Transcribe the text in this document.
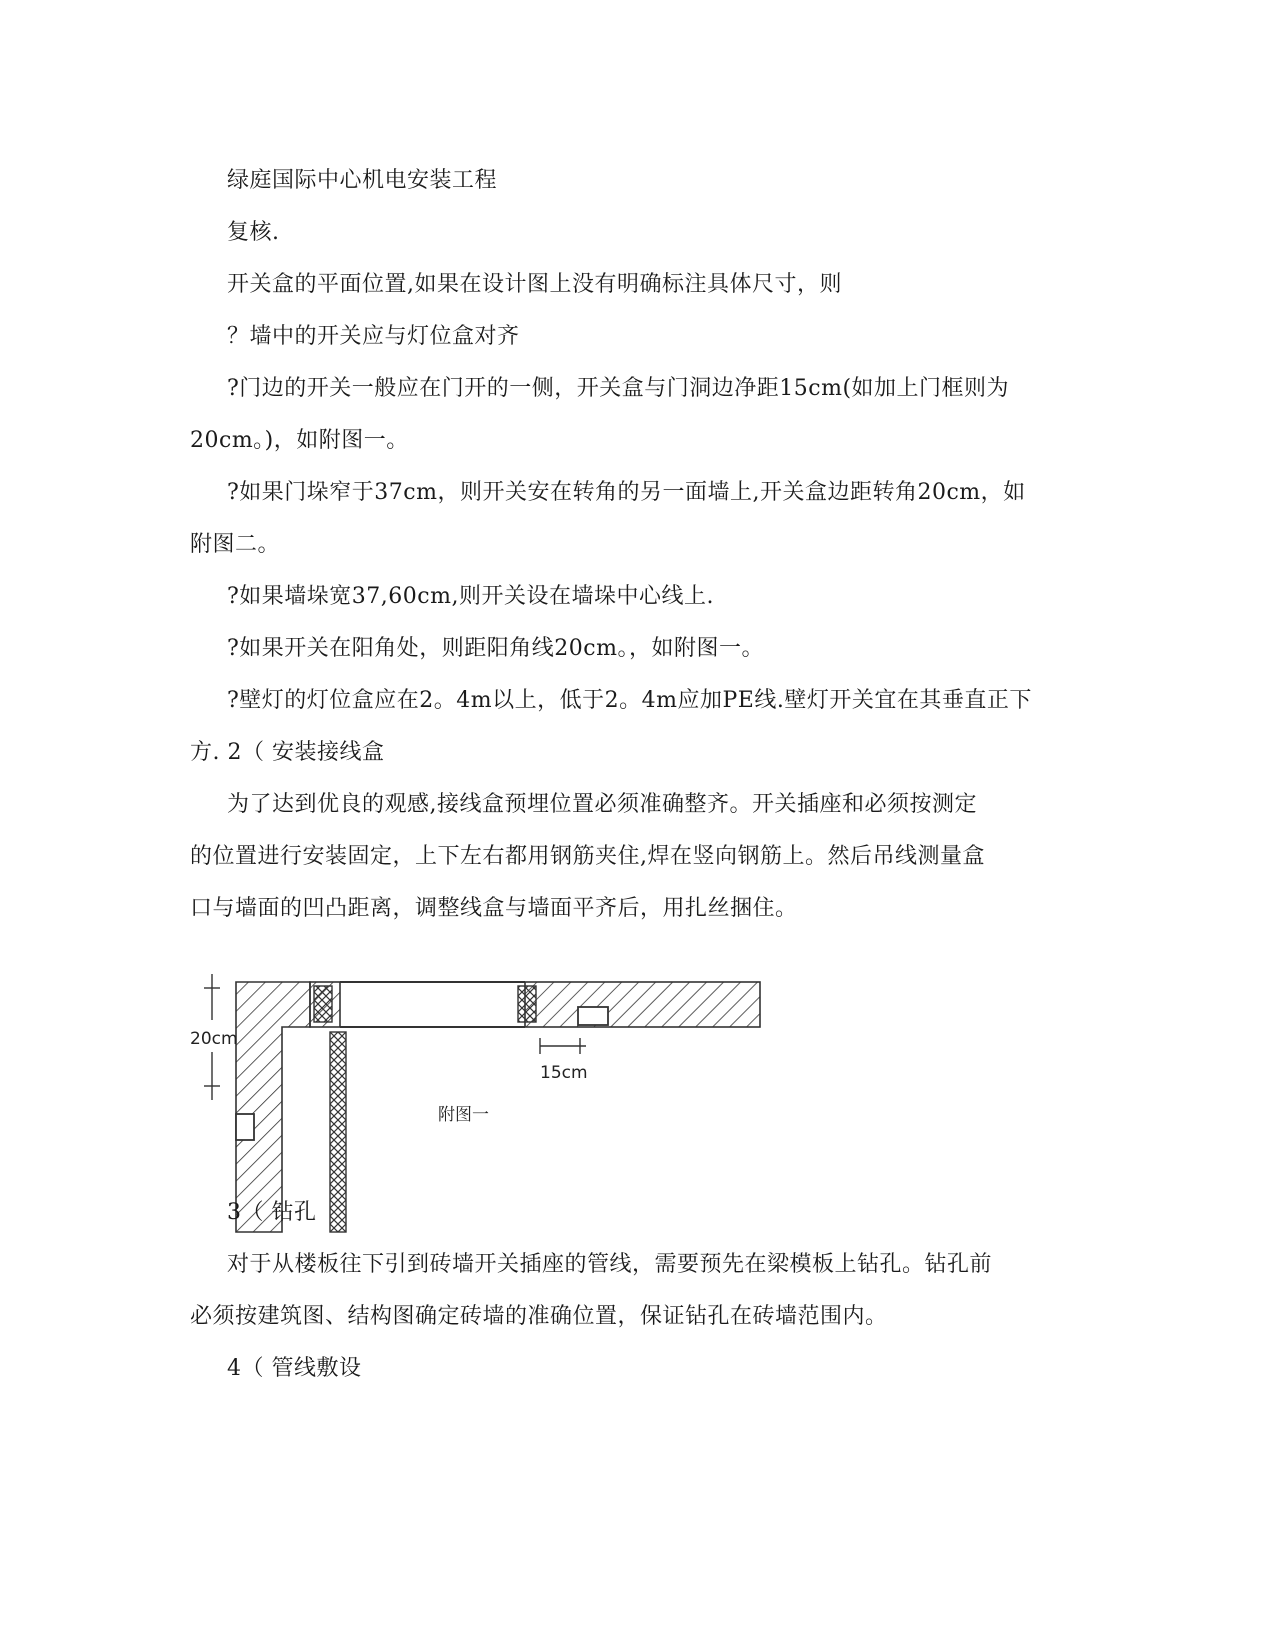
绿庭国际中心机电安装工程
复核.
开关盒的平面位置,如果在设计图上没有明确标注具体尺寸，则
？墙中的开关应与灯位盒对齐
?门边的开关一般应在门开的一侧，开关盒与门洞边净距15cm(如加上门框则为
20cm。)，如附图一。
?如果门垛窄于37cm，则开关安在转角的另一面墙上,开关盒边距转角20cm，如
附图二。
?如果墙垛宽37,60cm,则开关设在墙垛中心线上.
?如果开关在阳角处，则距阳角线20cm。，如附图一。
?壁灯的灯位盒应在2。4m以上，低于2。4m应加PE线.壁灯开关宜在其垂直正下
方. 2（ 安装接线盒
为了达到优良的观感,接线盒预埋位置必须准确整齐。开关插座和必须按测定
的位置进行安装固定，上下左右都用钢筋夹住,焊在竖向钢筋上。然后吊线测量盒
口与墙面的凹凸距离，调整线盒与墙面平齐后，用扎丝捆住。
20cm
15cm
附图一
3（ 钻孔
对于从楼板往下引到砖墙开关插座的管线，需要预先在梁模板上钻孔。钻孔前
必须按建筑图、结构图确定砖墙的准确位置，保证钻孔在砖墙范围内。
4（ 管线敷设
